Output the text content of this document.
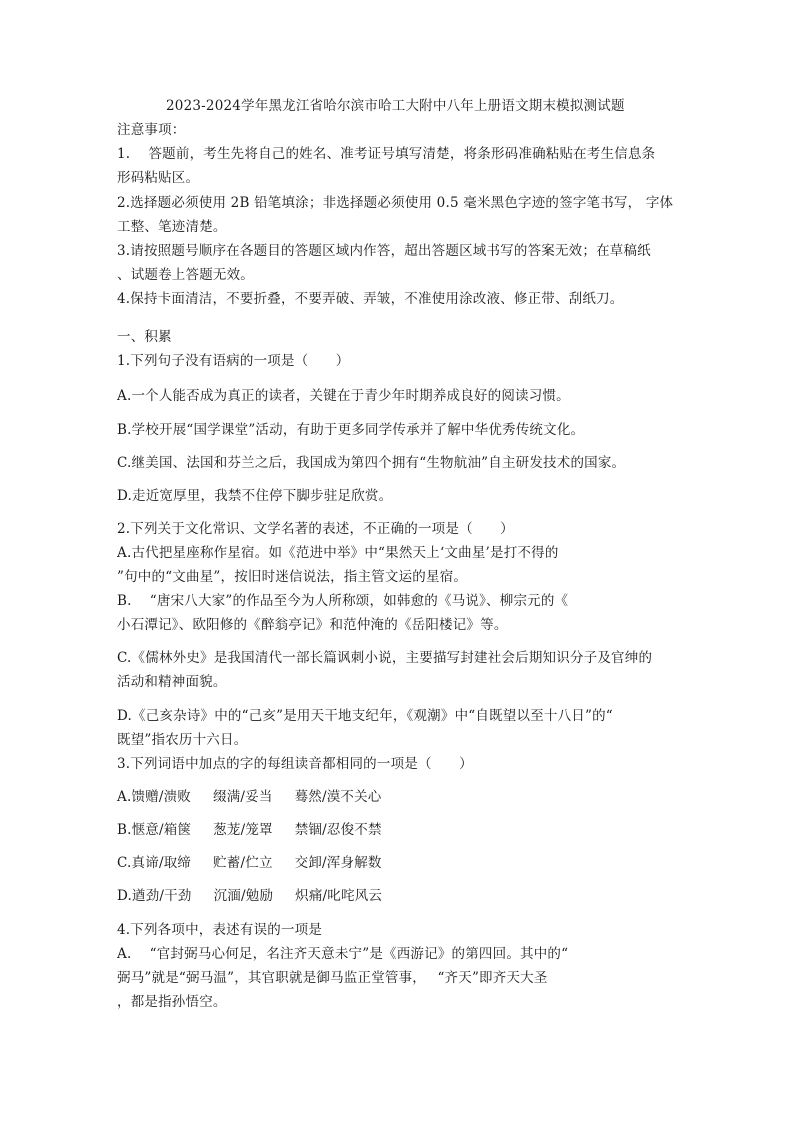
2023-2024学年黑龙江省哈尔滨市哈工大附中八年上册语文期末模拟测试题
注意事项：
1.　 答题前，考生先将自己的姓名、准考证号填写清楚，将条形码准确粘贴在考生信息条
形码粘贴区。
2.选择题必须使用 2B 铅笔填涂；非选择题必须使用 0.5 毫米黑色字迹的签字笔书写， 字体
工整、笔迹清楚。
3.请按照题号顺序在各题目的答题区域内作答，超出答题区域书写的答案无效；在草稿纸
、试题卷上答题无效。
4.保持卡面清洁，不要折叠，不要弄破、弄皱，不准使用涂改液、修正带、刮纸刀。
一、积累
1.下列句子没有语病的一项是（　　）
A.一个人能否成为真正的读者，关键在于青少年时期养成良好的阅读习惯。
B.学校开展“国学课堂”活动，有助于更多同学传承并了解中华优秀传统文化。
C.继美国、法国和芬兰之后，我国成为第四个拥有“生物航油”自主研发技术的国家。
D.走近宽厚里，我禁不住停下脚步驻足欣赏。
2.下列关于文化常识、文学名著的表述，不正确的一项是（　　）
A.古代把星座称作星宿。如《范进中举》中“果然天上‘文曲星’是打不得的
”句中的“文曲星”，按旧时迷信说法，指主管文运的星宿。
B.　 “唐宋八大家”的作品至今为人所称颂，如韩愈的《马说》、柳宗元的《
小石潭记》、欧阳修的《醉翁亭记》和范仲淹的《岳阳楼记》等。
C.《儒林外史》是我国清代一部长篇讽刺小说，主要描写封建社会后期知识分子及官绅的
活动和精神面貌。
D.《己亥杂诗》中的“己亥”是用天干地支纪年，《观潮》中“自既望以至十八日”的“
既望”指农历十六日。
3.下列词语中加点的字的每组读音都相同的一项是（　　）
A.馈赠/溃败 缀满/妥当 蓦然/漠不关心
B.惬意/箱箧 葱茏/笼罩 禁锢/忍俊不禁
C.真谛/取缔 贮蓄/伫立 交卸/浑身解数
D.遒劲/干劲 沉湎/勉励 炽痛/叱咤风云
4.下列各项中，表述有误的一项是
A.　 “官封弼马心何足，名注齐天意未宁”是《西游记》的第四回。其中的“
弼马”就是“弼马温”，其官职就是御马监正堂管事，　 “齐天”即齐天大圣
，都是指孙悟空。
